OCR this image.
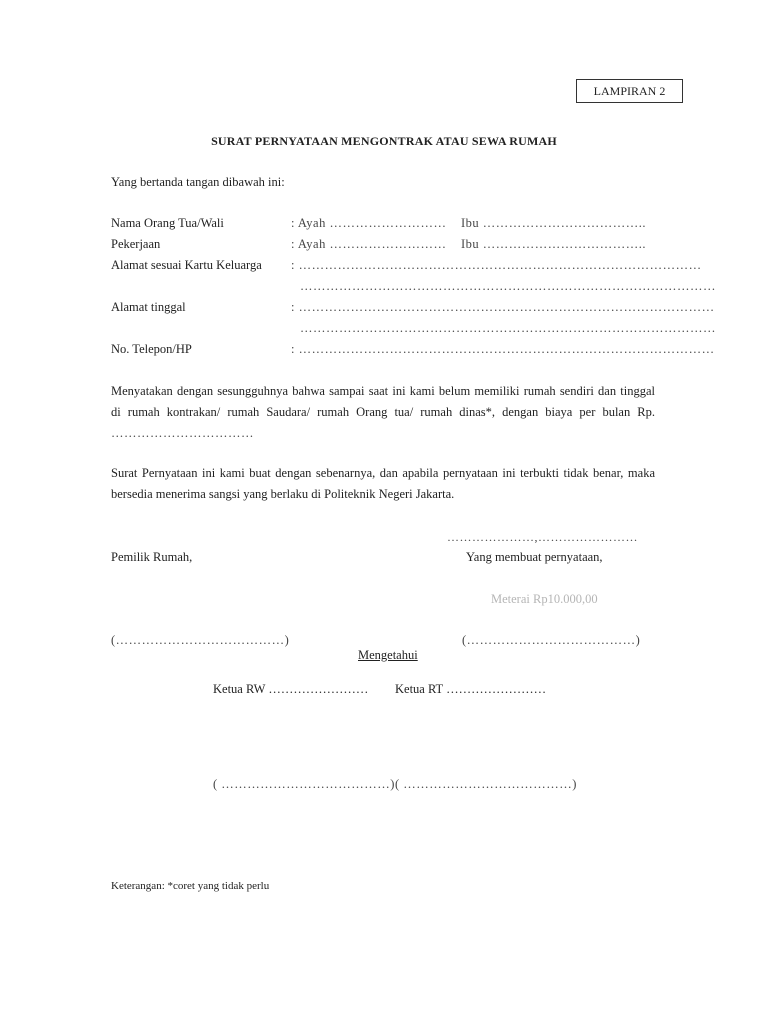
LAMPIRAN 2
SURAT PERNYATAAN MENGONTRAK ATAU SEWA RUMAH
Yang bertanda tangan dibawah ini:
Nama Orang Tua/Wali	: Ayah ……………………… Ibu ………………………………..
Pekerjaan	: Ayah ……………………… Ibu ………………………………..
Alamat sesuai Kartu Keluarga : …………………………………………………………………………………
……………………………………………………………………………………
Alamat tinggal	: ……………………………………………………………………………………
……………………………………………………………………………………
No. Telepon/HP	: ……………………………………………………………………………………
Menyatakan dengan sesungguhnya bahwa sampai saat ini kami belum memiliki rumah sendiri dan tinggal
di rumah kontrakan/ rumah Saudara/ rumah Orang tua/ rumah dinas*, dengan biaya per bulan Rp.
……………………………
Surat Pernyataan ini kami buat dengan sebenarnya, dan apabila pernyataan ini terbukti tidak benar, maka
bersedia menerima sangsi yang berlaku di Politeknik Negeri Jakarta.
…………………,……………………
Pemilik Rumah,	Yang membuat pernyataan,
Meterai Rp10.000,00
(…………………………………)	(…………………………………)
Mengetahui
Ketua RW …………………… Ketua RT ……………………
( …………………………………) ( …………………………………)
Keterangan: *coret yang tidak perlu
